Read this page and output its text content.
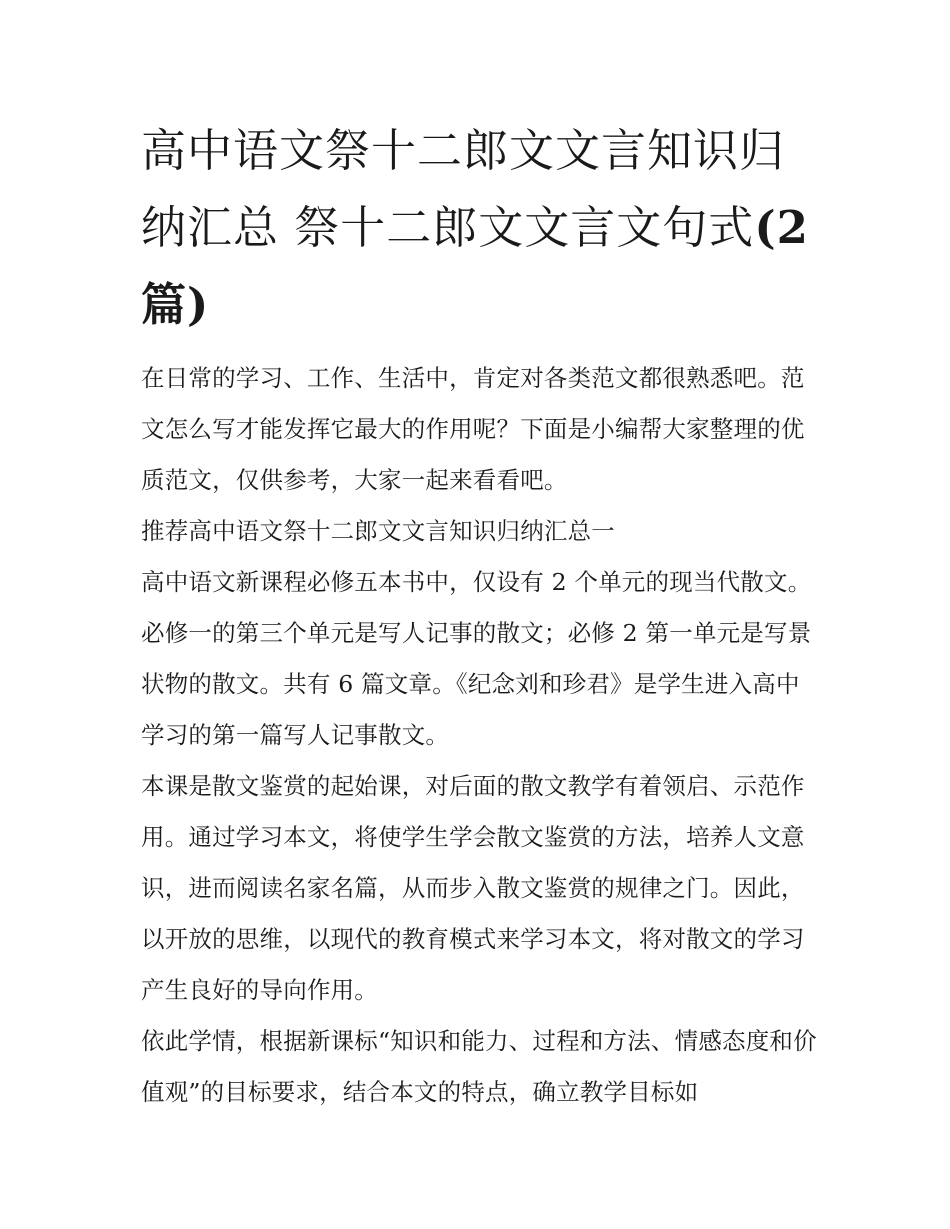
高中语文祭十二郎文文言知识归纳汇总 祭十二郎文文言文句式(2 篇)

在日常的学习、工作、生活中，肯定对各类范文都很熟悉吧。范文怎么写才能发挥它最大的作用呢？下面是小编帮大家整理的优质范文，仅供参考，大家一起来看看吧。

推荐高中语文祭十二郎文文言知识归纳汇总一

高中语文新课程必修五本书中，仅设有 2 个单元的现当代散文。必修一的第三个单元是写人记事的散文；必修 2 第一单元是写景状物的散文。共有 6 篇文章。《纪念刘和珍君》是学生进入高中学习的第一篇写人记事散文。

本课是散文鉴赏的起始课，对后面的散文教学有着领启、示范作用。通过学习本文，将使学生学会散文鉴赏的方法，培养人文意识，进而阅读名家名篇，从而步入散文鉴赏的规律之门。因此，以开放的思维，以现代的教育模式来学习本文，将对散文的学习产生良好的导向作用。

依此学情，根据新课标“知识和能力、过程和方法、情感态度和价值观”的目标要求，结合本文的特点，确立教学目标如
